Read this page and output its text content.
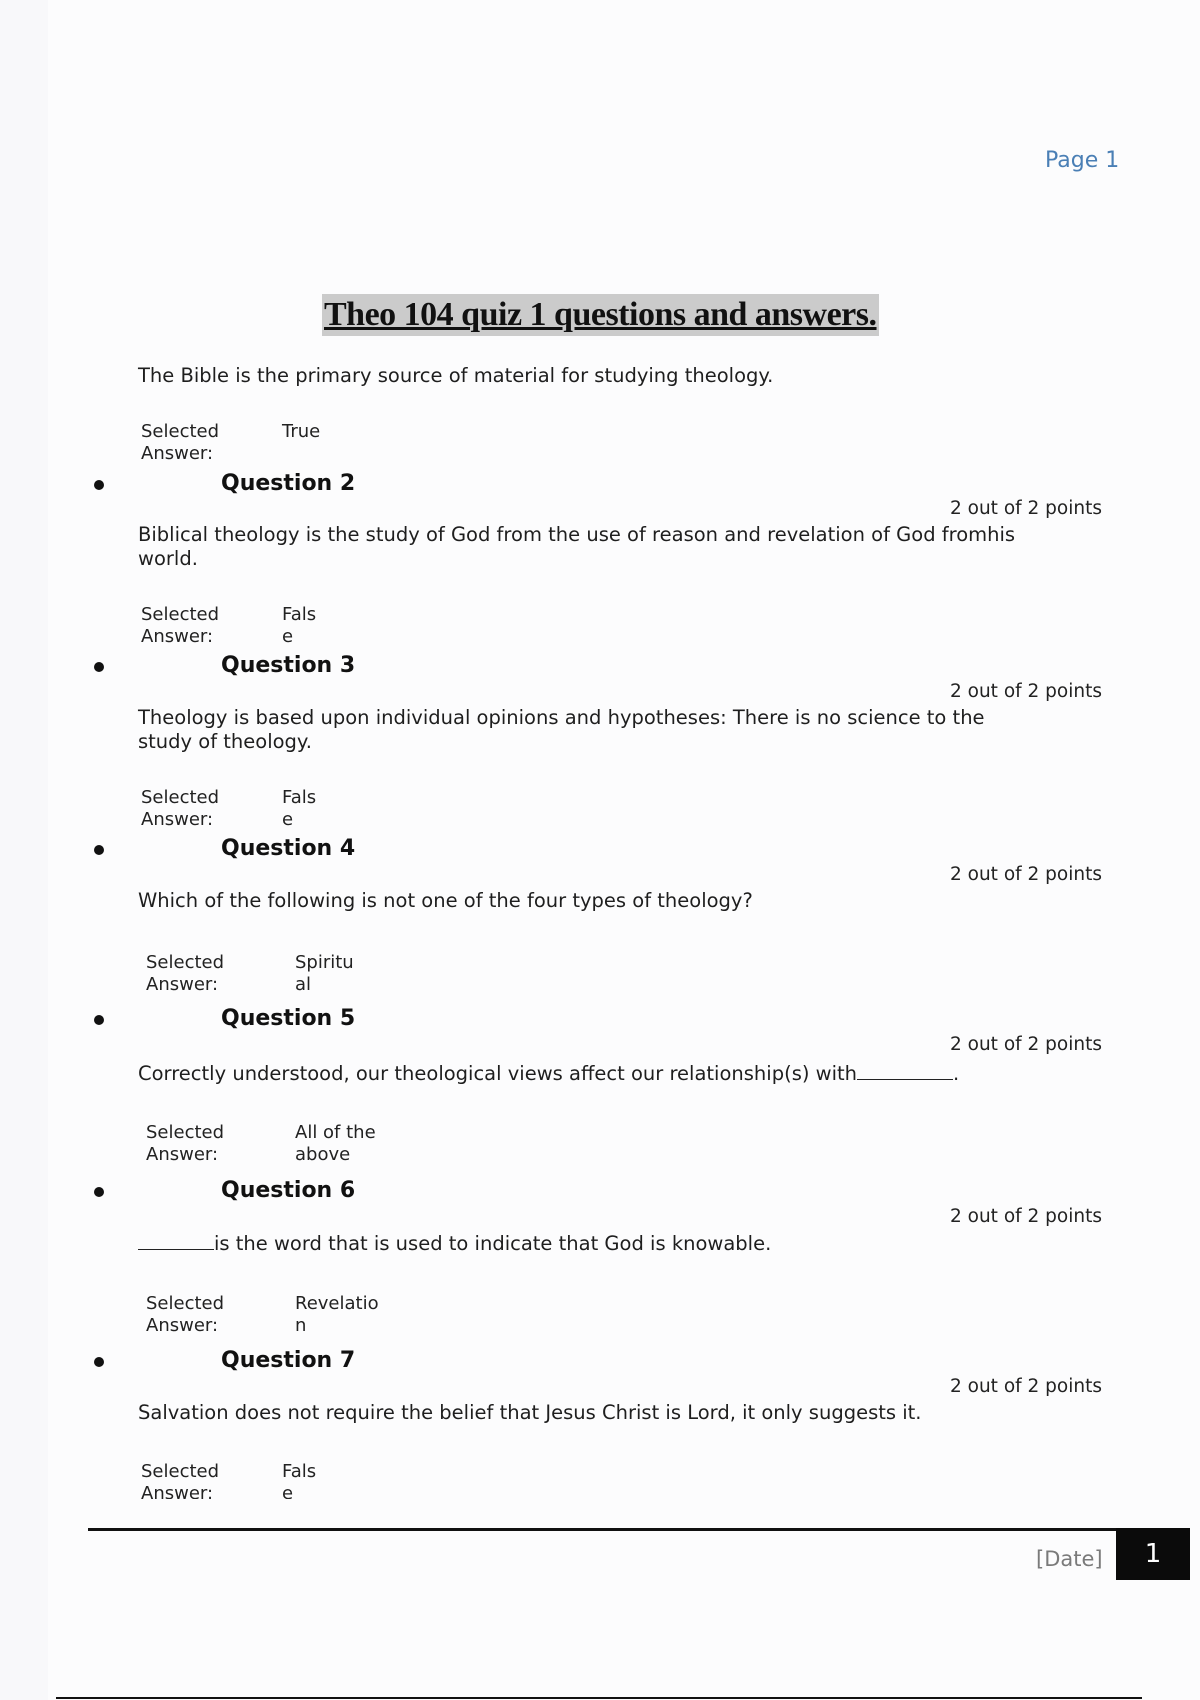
Page 1
Theo 104 quiz 1 questions and answers.
The Bible is the primary source of material for studying theology.
Selected Answer:
True
Question 2
2 out of 2 points
Biblical theology is the study of God from the use of reason and revelation of God fromhis world.
Selected Answer:
False
Question 3
2 out of 2 points
Theology is based upon individual opinions and hypotheses: There is no science to the study of theology.
Selected Answer:
False
Question 4
2 out of 2 points
Which of the following is not one of the four types of theology?
Selected Answer:
Spiritual
Question 5
2 out of 2 points
Correctly understood, our theological views affect our relationship(s) with	.
Selected Answer:
All of the above
Question 6
2 out of 2 points
is the word that is used to indicate that God is knowable.
Selected Answer:
Revelation
Question 7
2 out of 2 points
Salvation does not require the belief that Jesus Christ is Lord, it only suggests it.
Selected Answer:
False
[Date]	1
